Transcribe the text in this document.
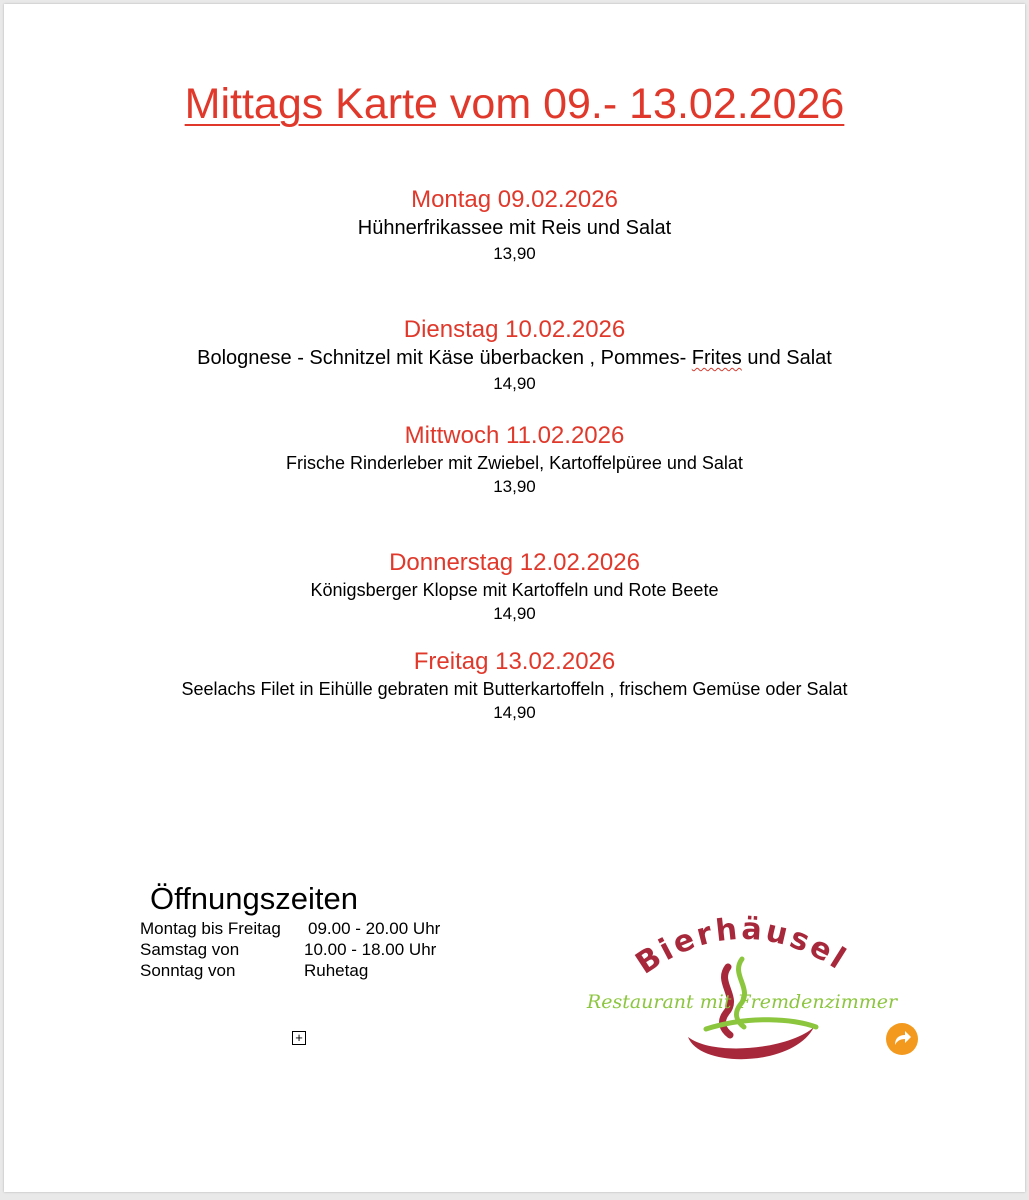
Mittags Karte vom 09.- 13.02.2026
Montag 09.02.2026
Hühnerfrikassee mit Reis und Salat
13,90
Dienstag 10.02.2026
Bolognese - Schnitzel mit Käse überbacken , Pommes- Frites und Salat
14,90
Mittwoch 11.02.2026
Frische Rinderleber mit Zwiebel, Kartoffelpüree und Salat
13,90
Donnerstag 12.02.2026
Königsberger Klopse mit Kartoffeln und Rote Beete
14,90
Freitag 13.02.2026
Seelachs Filet in Eihülle gebraten mit Butterkartoffeln , frischem Gemüse oder Salat
14,90
Öffnungszeiten
Montag bis Freitag 09.00 - 20.00 Uhr
Samstag von	10.00 - 18.00 Uhr
Sonntag von	Ruhetag
+
Bierhäusel
Restaurant mit Fremdenzimmer
